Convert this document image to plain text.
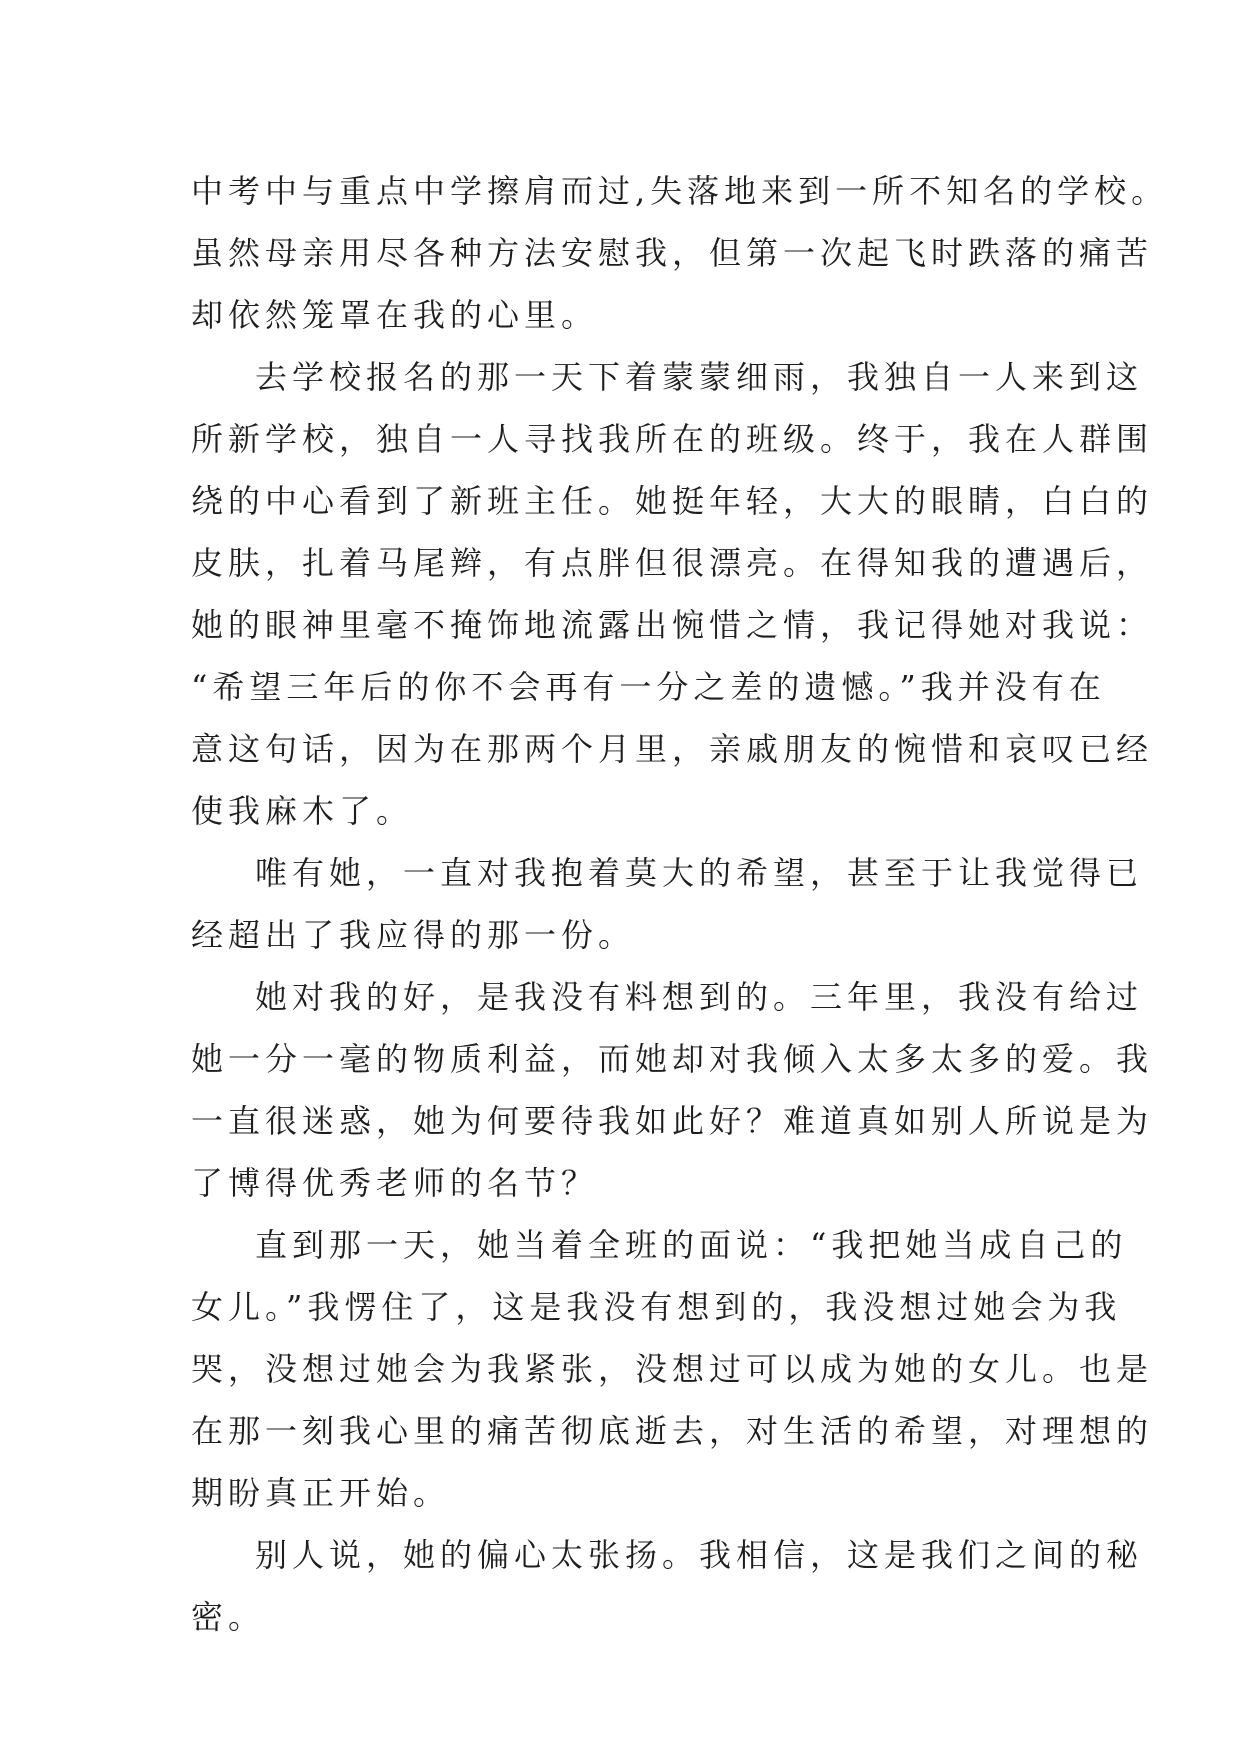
中考中与重点中学擦肩而过,失落地来到一所不知名的学校。
虽然母亲用尽各种方法安慰我，但第一次起飞时跌落的痛苦
却依然笼罩在我的心里。
去学校报名的那一天下着蒙蒙细雨，我独自一人来到这
所新学校，独自一人寻找我所在的班级。终于，我在人群围
绕的中心看到了新班主任。她挺年轻，大大的眼睛，白白的
皮肤，扎着马尾辫，有点胖但很漂亮。在得知我的遭遇后，
她的眼神里毫不掩饰地流露出惋惜之情，我记得她对我说：
“希望三年后的你不会再有一分之差的遗憾。”我并没有在
意这句话，因为在那两个月里，亲戚朋友的惋惜和哀叹已经
使我麻木了。
唯有她，一直对我抱着莫大的希望，甚至于让我觉得已
经超出了我应得的那一份。
她对我的好，是我没有料想到的。三年里，我没有给过
她一分一毫的物质利益，而她却对我倾入太多太多的爱。我
一直很迷惑，她为何要待我如此好？难道真如别人所说是为
了博得优秀老师的名节？
直到那一天，她当着全班的面说：“我把她当成自己的
女儿。”我愣住了，这是我没有想到的，我没想过她会为我
哭，没想过她会为我紧张，没想过可以成为她的女儿。也是
在那一刻我心里的痛苦彻底逝去，对生活的希望，对理想的
期盼真正开始。
别人说，她的偏心太张扬。我相信，这是我们之间的秘
密。
